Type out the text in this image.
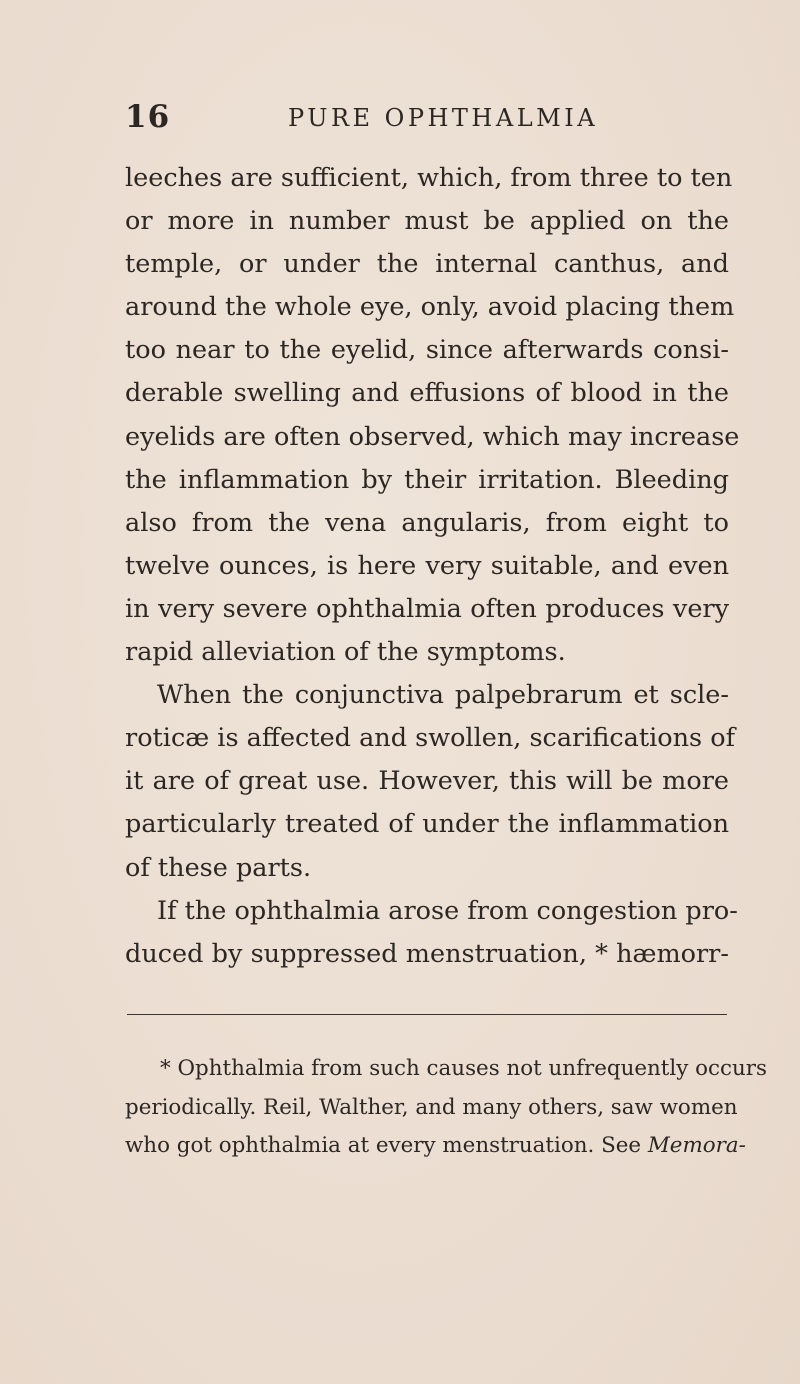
16	PURE OPHTHALMIA
leeches are sufficient, which, from three to ten
or more in number must be applied on the
temple, or under the internal canthus, and
around the whole eye, only, avoid placing them
too near to the eyelid, since afterwards consi-
derable swelling and effusions of blood in the
eyelids are often observed, which may increase
the inflammation by their irritation. Bleeding
also from the vena angularis, from eight to
twelve ounces, is here very suitable, and even
in very severe ophthalmia often produces very
rapid alleviation of the symptoms.
When the conjunctiva palpebrarum et scle-
roticæ is affected and swollen, scarifications of
it are of great use. However, this will be more
particularly treated of under the inflammation
of these parts.
If the ophthalmia arose from congestion pro-
duced by suppressed menstruation, * hæmorr-
* Ophthalmia from such causes not unfrequently occurs
periodically. Reil, Walther, and many others, saw women
who got ophthalmia at every menstruation. See Memora-
